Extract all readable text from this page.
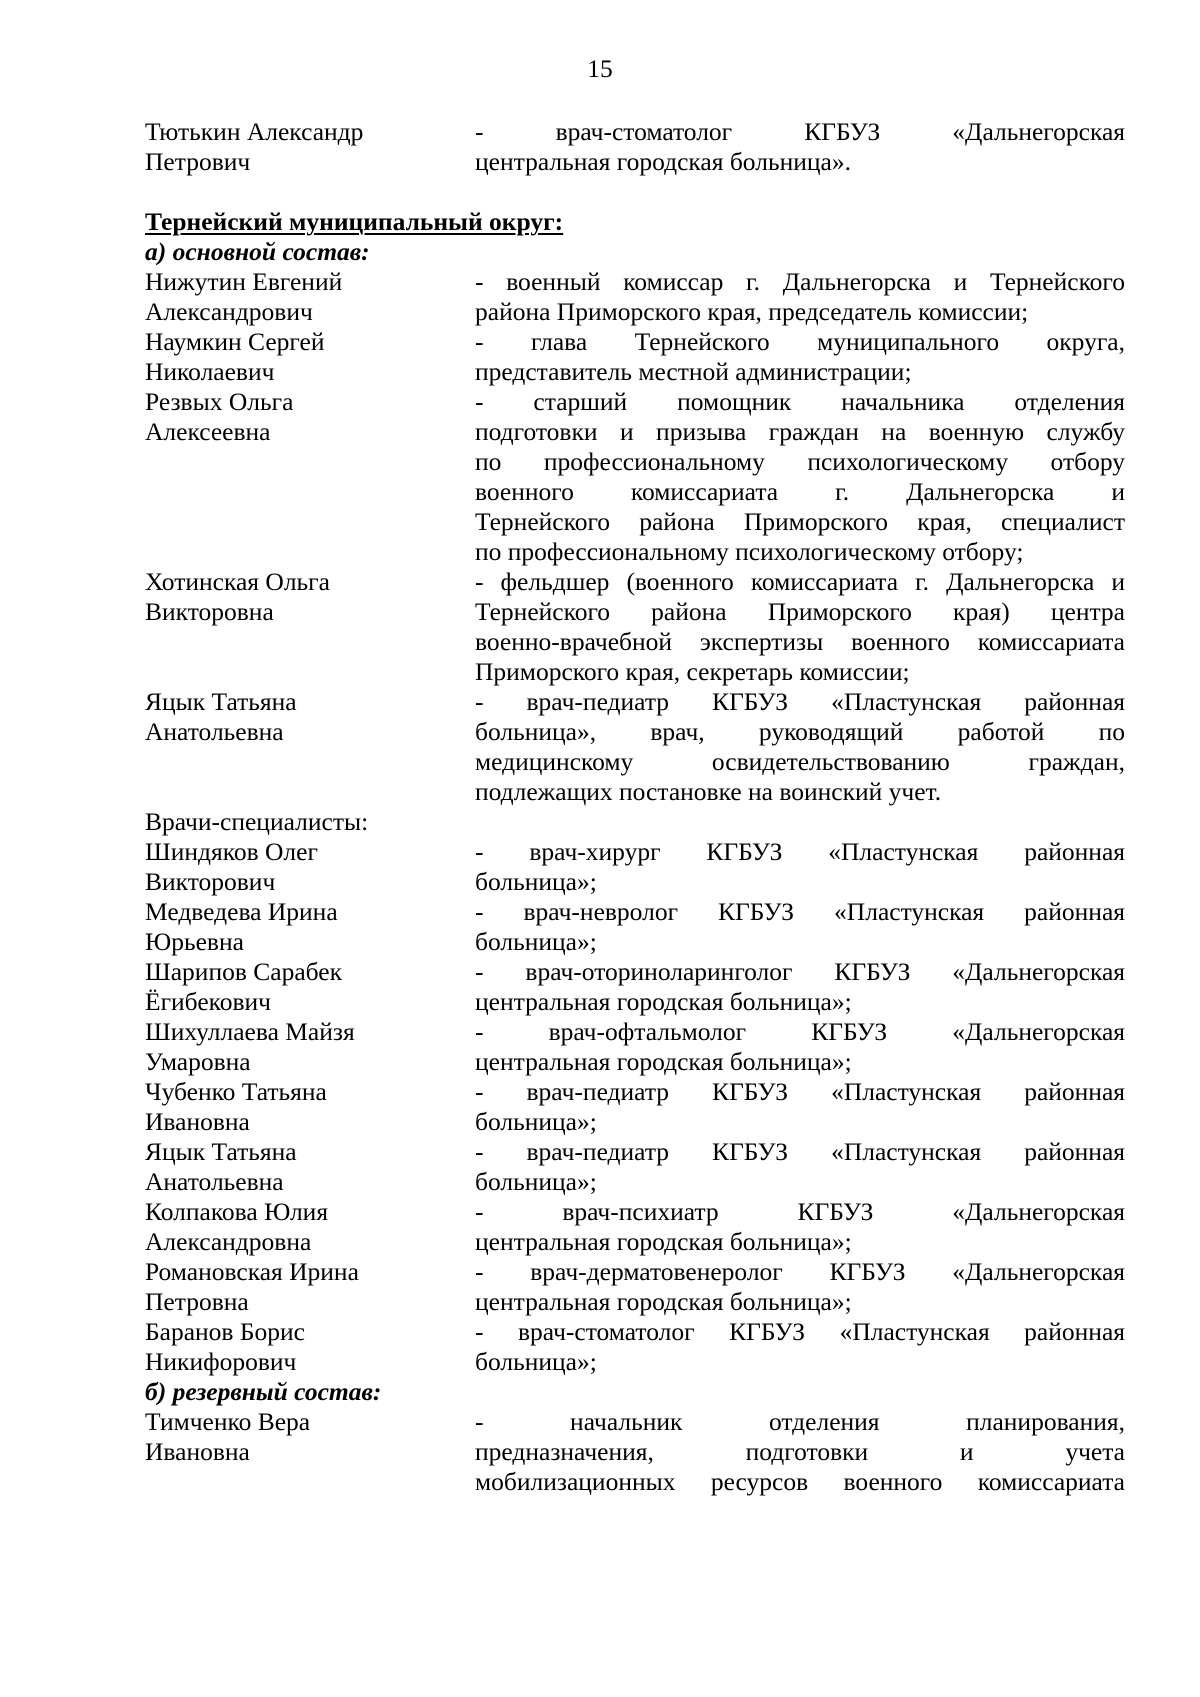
15
Тютькин Александр
Петрович
- врач-стоматолог КГБУЗ «Дальнегорская
центральная городская больница».
Тернейский муниципальный округ:
а) основной состав:
Нижутин Евгений
Александрович
- военный комиссар г. Дальнегорска и Тернейского
района Приморского края, председатель комиссии;
Наумкин Сергей
Николаевич
- глава Тернейского муниципального округа,
представитель местной администрации;
Резвых Ольга
Алексеевна
- старший помощник начальника отделения
подготовки и призыва граждан на военную службу
по профессиональному психологическому отбору
военного комиссариата г. Дальнегорска и
Тернейского района Приморского края, специалист
по профессиональному психологическому отбору;
Хотинская Ольга
Викторовна
- фельдшер (военного комиссариата г. Дальнегорска и
Тернейского района Приморского края) центра
военно-врачебной экспертизы военного комиссариата
Приморского края, секретарь комиссии;
Яцык Татьяна
Анатольевна
- врач-педиатр КГБУЗ «Пластунская районная
больница», врач, руководящий работой по
медицинскому освидетельствованию граждан,
подлежащих постановке на воинский учет.
Врачи-специалисты:
Шиндяков Олег
Викторович
- врач-хирург КГБУЗ «Пластунская районная
больница»;
Медведева Ирина
Юрьевна
- врач-невролог КГБУЗ «Пластунская районная
больница»;
Шарипов Сарабек
Ёгибекович
- врач-оториноларинголог КГБУЗ «Дальнегорская
центральная городская больница»;
Шихуллаева Майзя
Умаровна
- врач-офтальмолог КГБУЗ «Дальнегорская
центральная городская больница»;
Чубенко Татьяна
Ивановна
- врач-педиатр КГБУЗ «Пластунская районная
больница»;
Яцык Татьяна
Анатольевна
- врач-педиатр КГБУЗ «Пластунская районная
больница»;
Колпакова Юлия
Александровна
- врач-психиатр КГБУЗ «Дальнегорская
центральная городская больница»;
Романовская Ирина
Петровна
- врач-дерматовенеролог КГБУЗ «Дальнегорская
центральная городская больница»;
Баранов Борис
Никифорович
- врач-стоматолог КГБУЗ «Пластунская районная
больница»;
б) резервный состав:
Тимченко Вера
Ивановна
- начальник отделения планирования,
предназначения, подготовки и учета
мобилизационных ресурсов военного комиссариата
